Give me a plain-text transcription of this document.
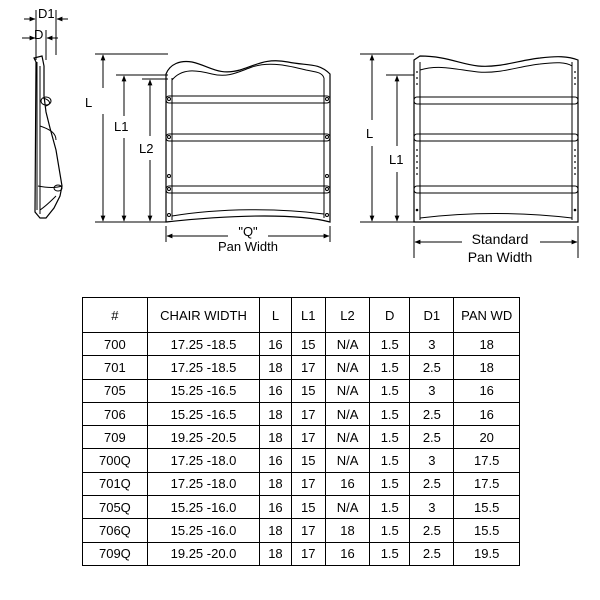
D1
D
L
L1
L2
"Q"
Pan Width
L
L1
Standard
Pan Width
#	CHAIR WIDTH	L	L1	L2	D	D1	PAN WD
700	17.25 -18.5	16	15	N/A	1.5	3	18
701	17.25 -18.5	18	17	N/A	1.5	2.5	18
705	15.25 -16.5	16	15	N/A	1.5	3	16
706	15.25 -16.5	18	17	N/A	1.5	2.5	16
709	19.25 -20.5	18	17	N/A	1.5	2.5	20
700Q	17.25 -18.0	16	15	N/A	1.5	3	17.5
701Q	17.25 -18.0	18	17	16	1.5	2.5	17.5
705Q	15.25 -16.0	16	15	N/A	1.5	3	15.5
706Q	15.25 -16.0	18	17	18	1.5	2.5	15.5
709Q	19.25 -20.0	18	17	16	1.5	2.5	19.5
